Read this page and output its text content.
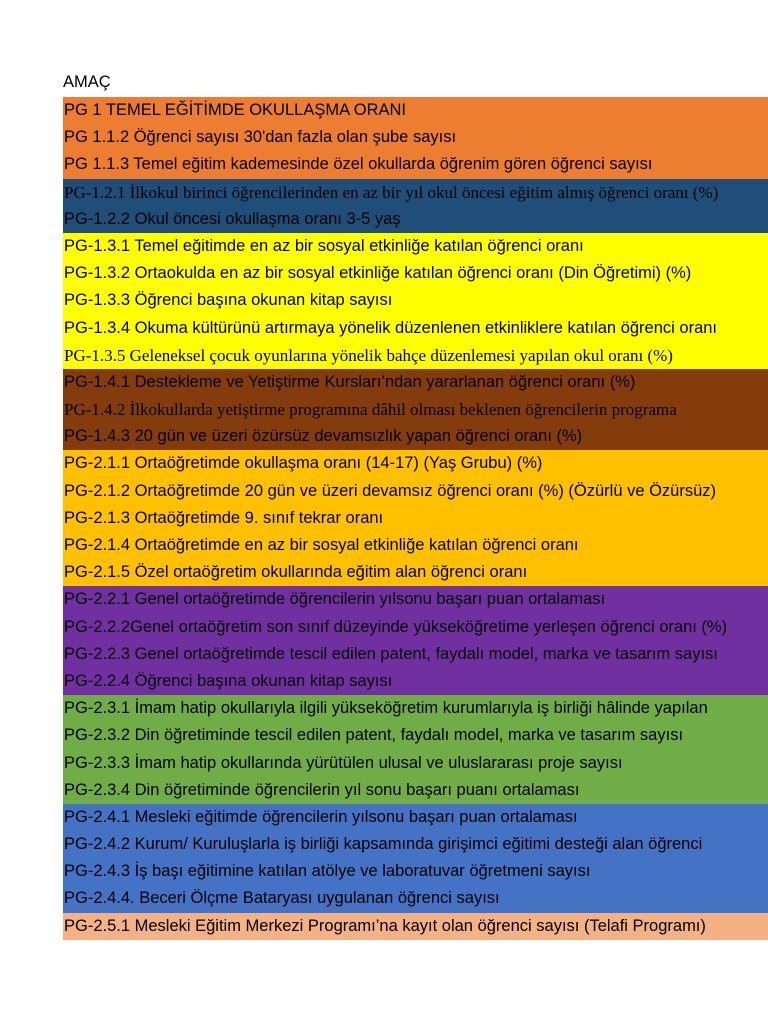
AMAÇ
PG 1 TEMEL EĞİTİMDE OKULLAŞMA ORANI
PG 1.1.2 Öğrenci sayısı 30'dan fazla olan şube sayısı
PG 1.1.3 Temel eğitim kademesinde özel okullarda öğrenim gören öğrenci sayısı
PG-1.2.1 İlkokul birinci öğrencilerinden en az bir yıl okul öncesi eğitim almış öğrenci oranı (%)
PG-1.2.2 Okul öncesi okullaşma oranı 3-5 yaş
PG-1.3.1 Temel eğitimde en az bir sosyal etkinliğe katılan öğrenci oranı
PG-1.3.2 Ortaokulda en az bir sosyal etkinliğe katılan öğrenci oranı (Din Öğretimi) (%)
PG-1.3.3 Öğrenci başına okunan kitap sayısı
PG-1.3.4 Okuma kültürünü artırmaya yönelik düzenlenen etkinliklere katılan öğrenci oranı
PG-1.3.5 Geleneksel çocuk oyunlarına yönelik bahçe düzenlemesi yapılan okul oranı (%)
PG-1.4.1 Destekleme ve Yetiştirme Kursları’ndan yararlanan öğrenci oranı (%)
PG-1.4.2 İlkokullarda yetiştirme programına dâhil olması beklenen öğrencilerin programa
PG-1.4.3 20 gün ve üzeri özürsüz devamsızlık yapan öğrenci oranı (%)
PG-2.1.1 Ortaöğretimde okullaşma oranı (14-17) (Yaş Grubu) (%)
PG-2.1.2 Ortaöğretimde 20 gün ve üzeri devamsız öğrenci oranı (%) (Özürlü ve Özürsüz)
PG-2.1.3 Ortaöğretimde 9. sınıf tekrar oranı
PG-2.1.4 Ortaöğretimde en az bir sosyal etkinliğe katılan öğrenci oranı
PG-2.1.5 Özel ortaöğretim okullarında eğitim alan öğrenci oranı
PG-2.2.1 Genel ortaöğretimde öğrencilerin yılsonu başarı puan ortalaması
PG-2.2.2Genel ortaöğretim son sınıf düzeyinde yükseköğretime yerleşen öğrenci oranı (%)
PG-2.2.3 Genel ortaöğretimde tescil edilen patent, faydalı model, marka ve tasarım sayısı
PG-2.2.4 Öğrenci başına okunan kitap sayısı
PG-2.3.1 İmam hatip okullarıyla ilgili yükseköğretim kurumlarıyla iş birliği hâlinde yapılan
PG-2.3.2 Din öğretiminde tescil edilen patent, faydalı model, marka ve tasarım sayısı
PG-2.3.3 İmam hatip okullarında yürütülen ulusal ve uluslararası proje sayısı
PG-2.3.4 Din öğretiminde öğrencilerin yıl sonu başarı puanı ortalaması
PG-2.4.1 Mesleki eğitimde öğrencilerin yılsonu başarı puan ortalaması
PG-2.4.2 Kurum/ Kuruluşlarla iş birliği kapsamında girişimci eğitimi desteği alan öğrenci
PG-2.4.3 İş başı eğitimine katılan atölye ve laboratuvar öğretmeni sayısı
PG-2.4.4. Beceri Ölçme Bataryası uygulanan öğrenci sayısı
PG-2.5.1 Mesleki Eğitim Merkezi Programı’na kayıt olan öğrenci sayısı (Telafi Programı)
